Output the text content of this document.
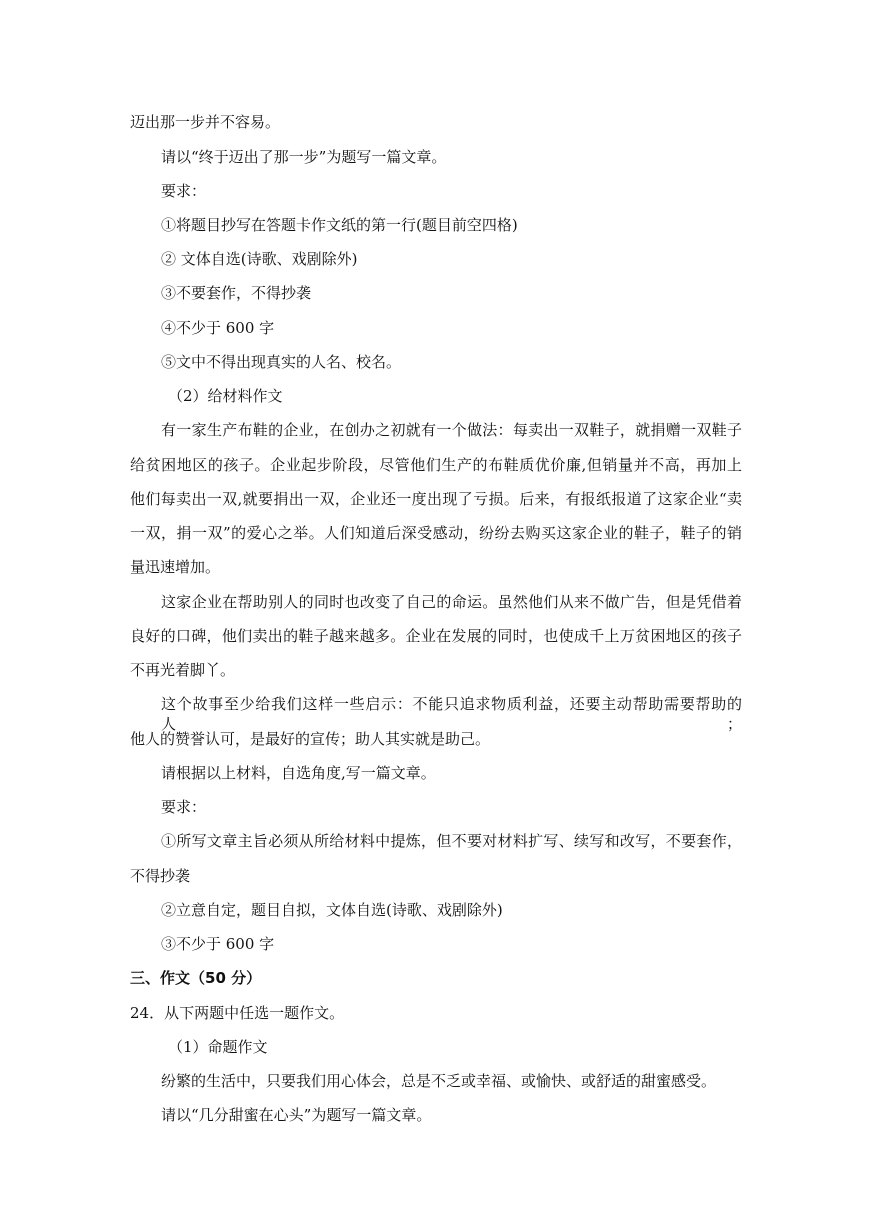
迈出那一步并不容易。
请以“终于迈出了那一步”为题写一篇文章。
要求：
①将题目抄写在答题卡作文纸的第一行(题目前空四格)
② 文体自选(诗歌、戏剧除外)
③不要套作，不得抄袭
④不少于 600 字
⑤文中不得出现真实的人名、校名。
（2）给材料作文
有一家生产布鞋的企业，在创办之初就有一个做法：每卖出一双鞋子，就捐赠一双鞋子
给贫困地区的孩子。企业起步阶段，尽管他们生产的布鞋质优价廉,但销量并不高，再加上
他们每卖出一双,就要捐出一双，企业还一度出现了亏损。后来，有报纸报道了这家企业“卖
一双，捐一双”的爱心之举。人们知道后深受感动，纷纷去购买这家企业的鞋子，鞋子的销
量迅速增加。
这家企业在帮助别人的同时也改变了自己的命运。虽然他们从来不做广告，但是凭借着
良好的口碑，他们卖出的鞋子越来越多。企业在发展的同时，也使成千上万贫困地区的孩子
不再光着脚丫。
这个故事至少给我们这样一些启示：不能只追求物质利益，还要主动帮助需要帮助的人；
他人的赞誉认可，是最好的宣传；助人其实就是助己。
请根据以上材料，自选角度,写一篇文章。
要求：
①所写文章主旨必须从所给材料中提炼，但不要对材料扩写、续写和改写，不要套作，
不得抄袭
②立意自定，题目自拟，文体自选(诗歌、戏剧除外)
③不少于 600 字
三、作文（50 分）
24．从下两题中任选一题作文。
（1）命题作文
纷繁的生活中，只要我们用心体会，总是不乏或幸福、或愉快、或舒适的甜蜜感受。
请以“几分甜蜜在心头”为题写一篇文章。
